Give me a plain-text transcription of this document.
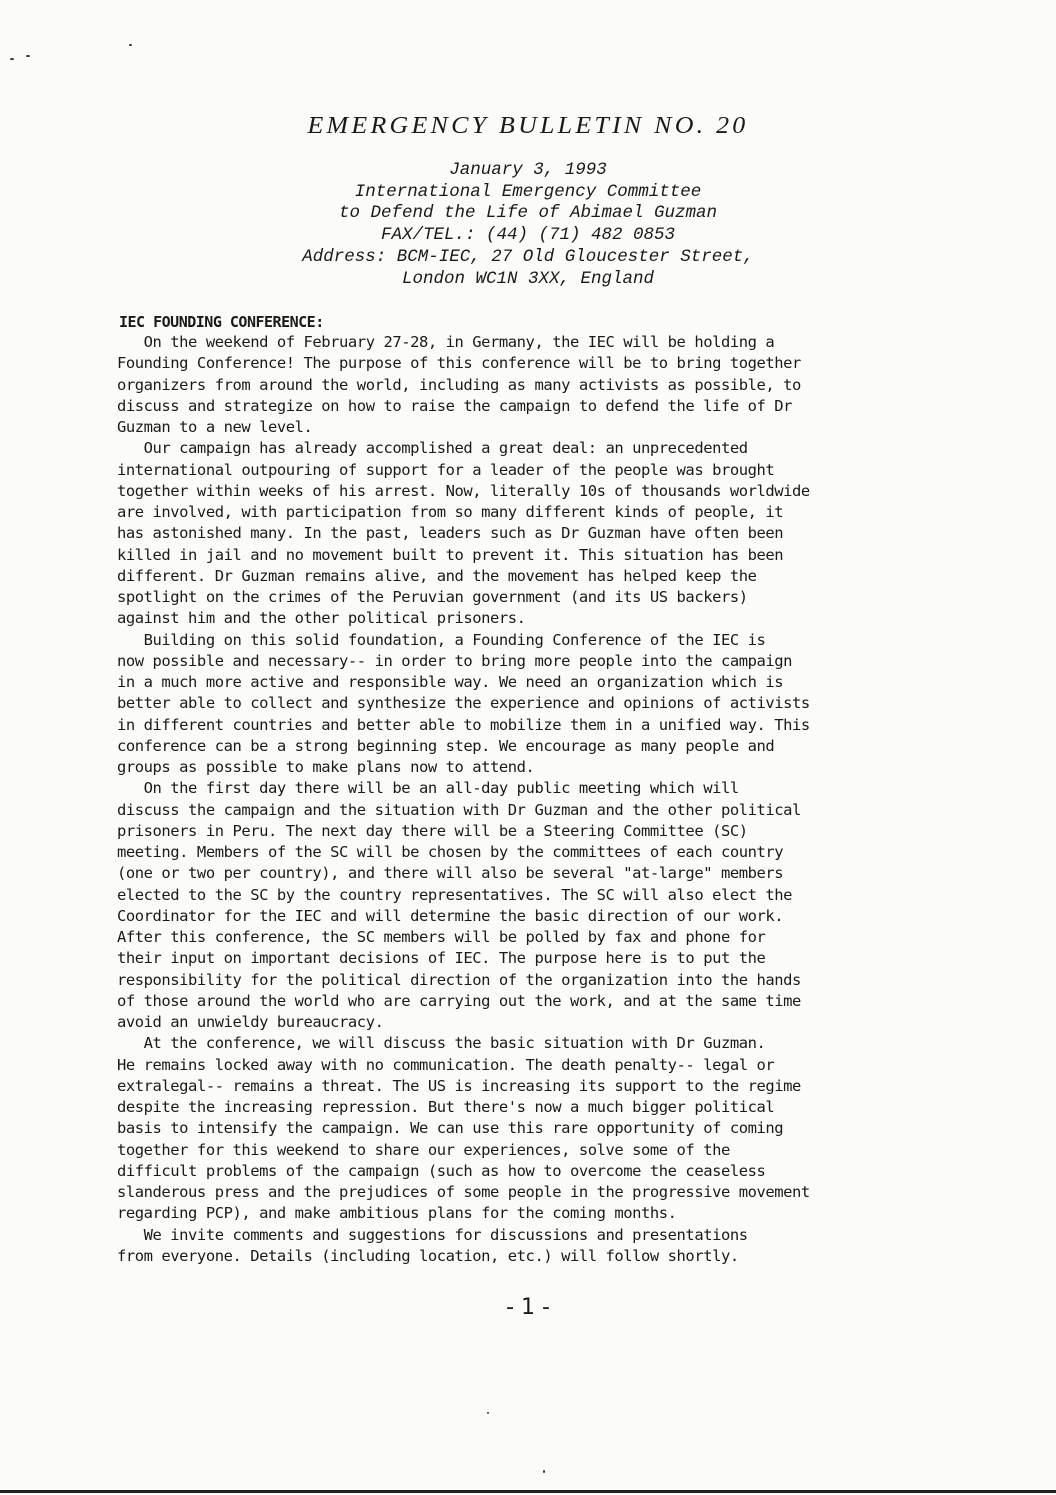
EMERGENCY BULLETIN NO. 20
January 3, 1993
International Emergency Committee
to Defend the Life of Abimael Guzman
FAX/TEL.: (44) (71) 482 0853
Address: BCM-IEC, 27 Old Gloucester Street,
London WC1N 3XX, England
IEC FOUNDING CONFERENCE:
On the weekend of February 27-28, in Germany, the IEC will be holding a
Founding Conference! The purpose of this conference will be to bring together
organizers from around the world, including as many activists as possible, to
discuss and strategize on how to raise the campaign to defend the life of Dr
Guzman to a new level.
Our campaign has already accomplished a great deal: an unprecedented
international outpouring of support for a leader of the people was brought
together within weeks of his arrest. Now, literally 10s of thousands worldwide
are involved, with participation from so many different kinds of people, it
has astonished many. In the past, leaders such as Dr Guzman have often been
killed in jail and no movement built to prevent it. This situation has been
different. Dr Guzman remains alive, and the movement has helped keep the
spotlight on the crimes of the Peruvian government (and its US backers)
against him and the other political prisoners.
Building on this solid foundation, a Founding Conference of the IEC is
now possible and necessary-- in order to bring more people into the campaign
in a much more active and responsible way. We need an organization which is
better able to collect and synthesize the experience and opinions of activists
in different countries and better able to mobilize them in a unified way. This
conference can be a strong beginning step. We encourage as many people and
groups as possible to make plans now to attend.
On the first day there will be an all-day public meeting which will
discuss the campaign and the situation with Dr Guzman and the other political
prisoners in Peru. The next day there will be a Steering Committee (SC)
meeting. Members of the SC will be chosen by the committees of each country
(one or two per country), and there will also be several "at-large" members
elected to the SC by the country representatives. The SC will also elect the
Coordinator for the IEC and will determine the basic direction of our work.
After this conference, the SC members will be polled by fax and phone for
their input on important decisions of IEC. The purpose here is to put the
responsibility for the political direction of the organization into the hands
of those around the world who are carrying out the work, and at the same time
avoid an unwieldy bureaucracy.
At the conference, we will discuss the basic situation with Dr Guzman.
He remains locked away with no communication. The death penalty-- legal or
extralegal-- remains a threat. The US is increasing its support to the regime
despite the increasing repression. But there's now a much bigger political
basis to intensify the campaign. We can use this rare opportunity of coming
together for this weekend to share our experiences, solve some of the
difficult problems of the campaign (such as how to overcome the ceaseless
slanderous press and the prejudices of some people in the progressive movement
regarding PCP), and make ambitious plans for the coming months.
We invite comments and suggestions for discussions and presentations
from everyone. Details (including location, etc.) will follow shortly.
- 1 -
